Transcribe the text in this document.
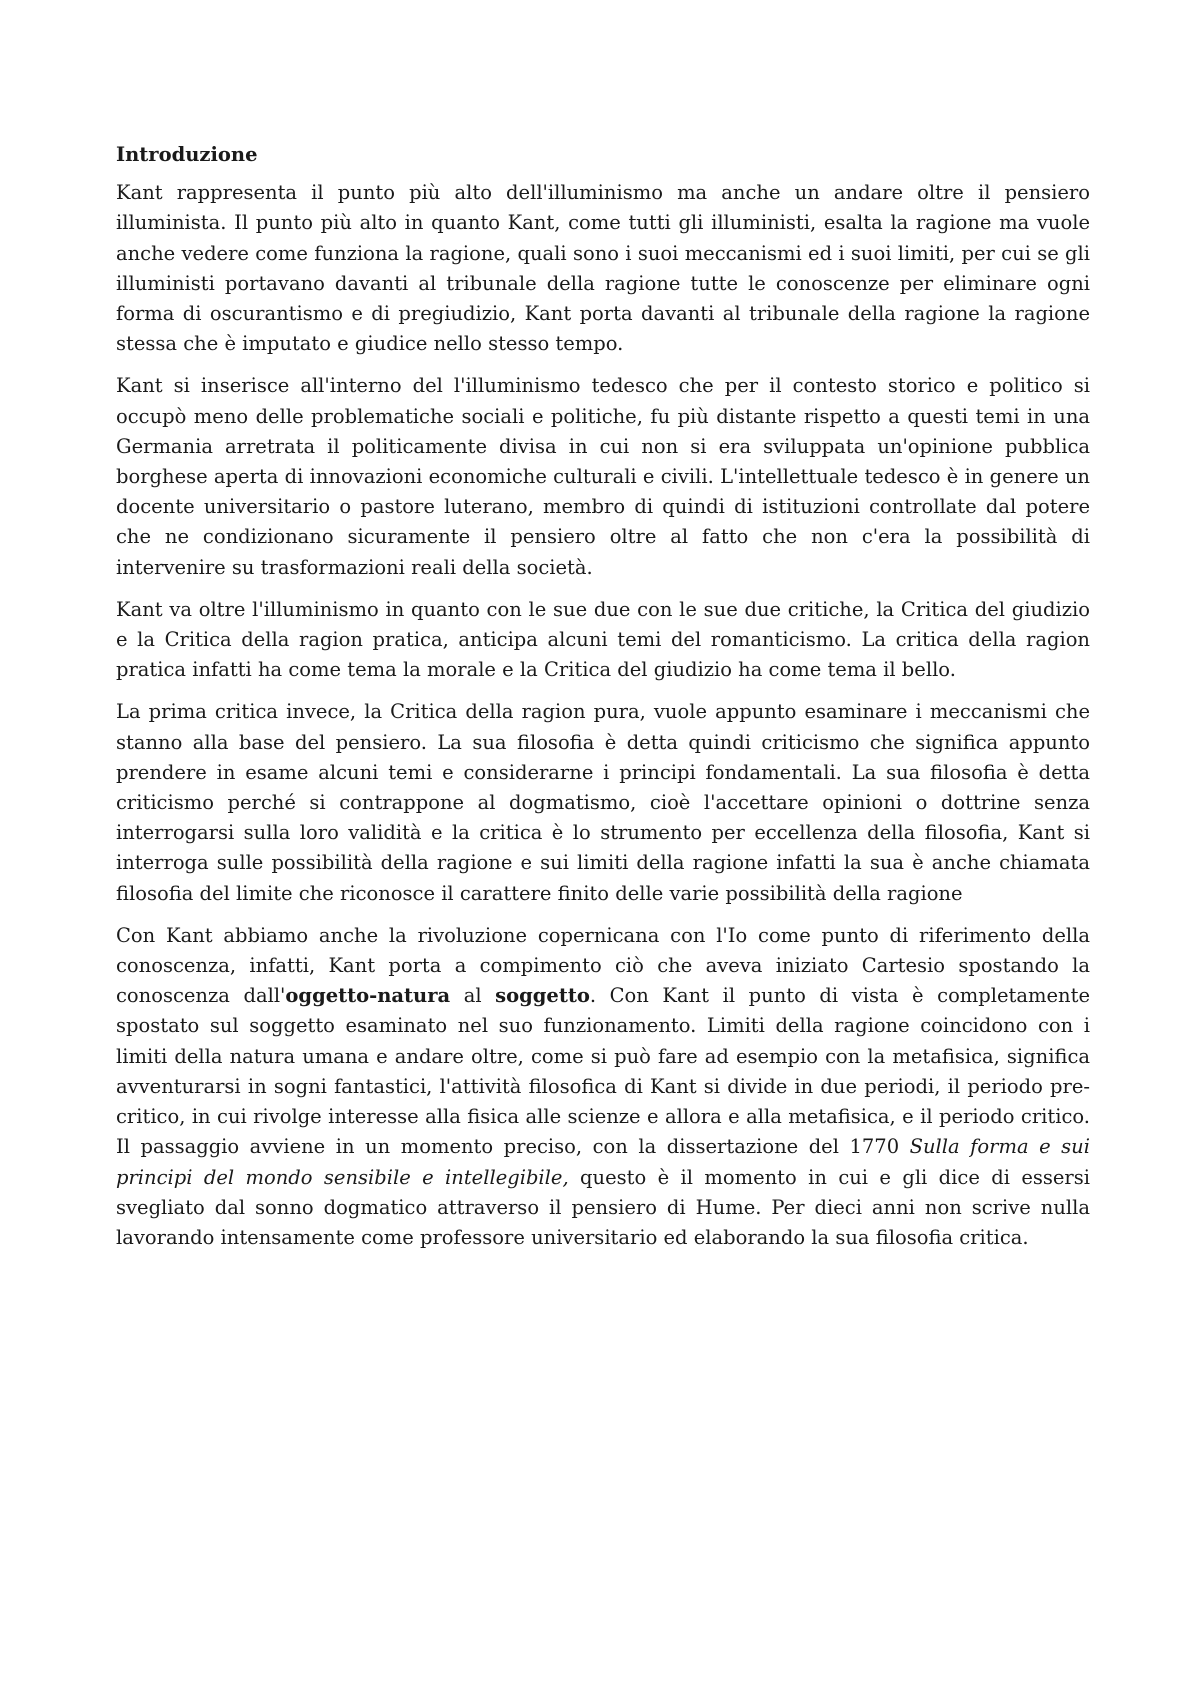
Introduzione

Kant rappresenta il punto più alto dell'illuminismo ma anche un andare oltre il pensiero illuminista. Il punto più alto in quanto Kant, come tutti gli illuministi, esalta la ragione ma vuole anche vedere come funziona la ragione, quali sono i suoi meccanismi ed i suoi limiti, per cui se gli illuministi portavano davanti al tribunale della ragione tutte le conoscenze per eliminare ogni forma di oscurantismo e di pregiudizio, Kant porta davanti al tribunale della ragione la ragione stessa che è imputato e giudice nello stesso tempo.

Kant si inserisce all'interno del l'illuminismo tedesco che per il contesto storico e politico si occupò meno delle problematiche sociali e politiche, fu più distante rispetto a questi temi in una Germania arretrata il politicamente divisa in cui non si era sviluppata un'opinione pubblica borghese aperta di innovazioni economiche culturali e civili. L'intellettuale tedesco è in genere un docente universitario o pastore luterano, membro di quindi di istituzioni controllate dal potere che ne condizionano sicuramente il pensiero oltre al fatto che non c'era la possibilità di intervenire su trasformazioni reali della società.

Kant va oltre l'illuminismo in quanto con le sue due con le sue due critiche, la Critica del giudizio e la Critica della ragion pratica, anticipa alcuni temi del romanticismo. La critica della ragion pratica infatti ha come tema la morale e la Critica del giudizio ha come tema il bello.

La prima critica invece, la Critica della ragion pura, vuole appunto esaminare i meccanismi che stanno alla base del pensiero. La sua filosofia è detta quindi criticismo che significa appunto prendere in esame alcuni temi e considerarne i principi fondamentali. La sua filosofia è detta criticismo perché si contrappone al dogmatismo, cioè l'accettare opinioni o dottrine senza interrogarsi sulla loro validità e la critica è lo strumento per eccellenza della filosofia, Kant si interroga sulle possibilità della ragione e sui limiti della ragione infatti la sua è anche chiamata filosofia del limite che riconosce il carattere finito delle varie possibilità della ragione

Con Kant abbiamo anche la rivoluzione copernicana con l'Io come punto di riferimento della conoscenza, infatti, Kant porta a compimento ciò che aveva iniziato Cartesio spostando la conoscenza dall'oggetto-natura al soggetto. Con Kant il punto di vista è completamente spostato sul soggetto esaminato nel suo funzionamento. Limiti della ragione coincidono con i limiti della natura umana e andare oltre, come si può fare ad esempio con la metafisica, significa avventurarsi in sogni fantastici, l'attività filosofica di Kant si divide in due periodi, il periodo pre-critico, in cui rivolge interesse alla fisica alle scienze e allora e alla metafisica, e il periodo critico. Il passaggio avviene in un momento preciso, con la dissertazione del 1770 Sulla forma e sui principi del mondo sensibile e intellegibile, questo è il momento in cui e gli dice di essersi svegliato dal sonno dogmatico attraverso il pensiero di Hume. Per dieci anni non scrive nulla lavorando intensamente come professore universitario ed elaborando la sua filosofia critica.
